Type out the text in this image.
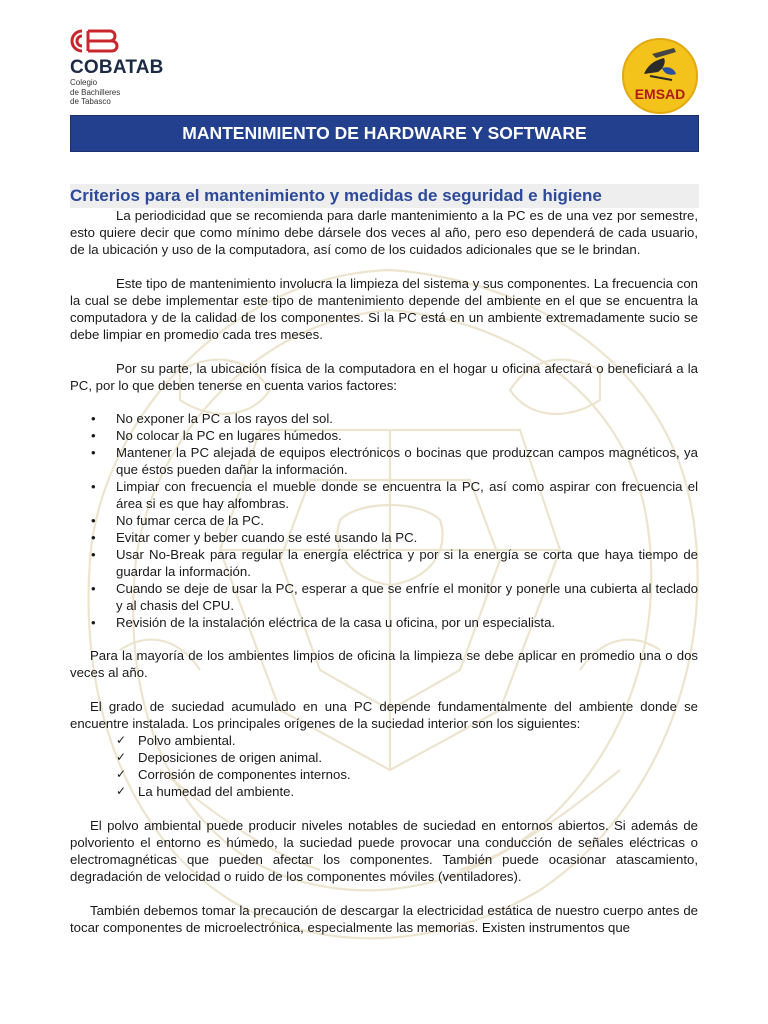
COBATAB
Colegio
de Bachilleres
de Tabasco	EMSAD
MANTENIMIENTO DE HARDWARE Y SOFTWARE
Criterios para el mantenimiento y medidas de seguridad e higiene

La periodicidad que se recomienda para darle mantenimiento a la PC es de una vez por semestre, esto quiere decir que como mínimo debe dársele dos veces al año, pero eso dependerá de cada usuario, de la ubicación y uso de la computadora, así como de los cuidados adicionales que se le brindan.

Este tipo de mantenimiento involucra la limpieza del sistema y sus componentes. La frecuencia con la cual se debe implementar este tipo de mantenimiento depende del ambiente en el que se encuentra la computadora y de la calidad de los componentes. Si la PC está en un ambiente extremadamente sucio se debe limpiar en promedio cada tres meses.

Por su parte, la ubicación física de la computadora en el hogar u oficina afectará o beneficiará a la PC, por lo que deben tenerse en cuenta varios factores:

• No exponer la PC a los rayos del sol.
• No colocar la PC en lugares húmedos.
• Mantener la PC alejada de equipos electrónicos o bocinas que produzcan campos magnéticos, ya que éstos pueden dañar la información.
• Limpiar con frecuencia el mueble donde se encuentra la PC, así como aspirar con frecuencia el área si es que hay alfombras.
• No fumar cerca de la PC.
• Evitar comer y beber cuando se esté usando la PC.
• Usar No-Break para regular la energía eléctrica y por si la energía se corta que haya tiempo de guardar la información.
• Cuando se deje de usar la PC, esperar a que se enfríe el monitor y ponerle una cubierta al teclado y al chasis del CPU.
• Revisión de la instalación eléctrica de la casa u oficina, por un especialista.

Para la mayoría de los ambientes limpios de oficina la limpieza se debe aplicar en promedio una o dos veces al año.

El grado de suciedad acumulado en una PC depende fundamentalmente del ambiente donde se encuentre instalada. Los principales orígenes de la suciedad interior son los siguientes:

✓ Polvo ambiental.
✓ Deposiciones de origen animal.
✓ Corrosión de componentes internos.
✓ La humedad del ambiente.

El polvo ambiental puede producir niveles notables de suciedad en entornos abiertos. Si además de polvoriento el entorno es húmedo, la suciedad puede provocar una conducción de señales eléctricas o electromagnéticas que pueden afectar los componentes. También puede ocasionar atascamiento, degradación de velocidad o ruido de los componentes móviles (ventiladores).

También debemos tomar la precaución de descargar la electricidad estática de nuestro cuerpo antes de tocar componentes de microelectrónica, especialmente las memorias. Existen instrumentos que
